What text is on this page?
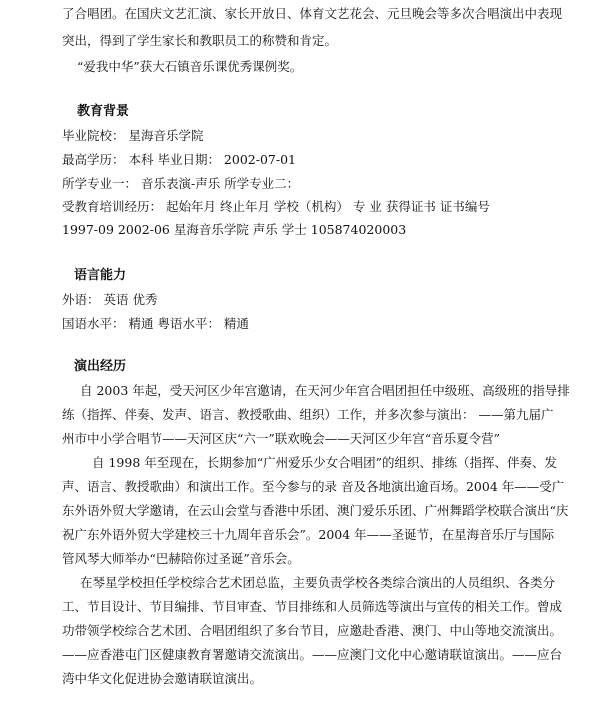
了合唱团。在国庆文艺汇演、家长开放日、体育文艺花会、元旦晚会等多次合唱演出中表现
突出，得到了学生家长和教职员工的称赞和肯定。
“爱我中华”获大石镇音乐课优秀课例奖。
教育背景
毕业院校： 星海音乐学院
最高学历： 本科 毕业日期： 2002-07-01
所学专业一： 音乐表演-声乐 所学专业二：
受教育培训经历： 起始年月 终止年月 学校（机构） 专 业 获得证书 证书编号
1997-09 2002-06 星海音乐学院 声乐 学士 105874020003
语言能力
外语： 英语 优秀
国语水平： 精通 粤语水平： 精通
演出经历
自 2003 年起，受天河区少年宫邀请，在天河少年宫合唱团担任中级班、高级班的指导排
练（指挥、伴奏、发声、语言、教授歌曲、组织）工作，并多次参与演出： ——第九届广
州市中小学合唱节——天河区庆“六一”联欢晚会——天河区少年宫“音乐夏令营”
自 1998 年至现在，长期参加“广州爱乐少女合唱团”的组织、排练（指挥、伴奏、发
声、语言、教授歌曲）和演出工作。至今参与的录 音及各地演出逾百场。2004 年——受广
东外语外贸大学邀请，在云山会堂与香港中乐团、澳门爱乐乐团、广州舞蹈学校联合演出“庆
祝广东外语外贸大学建校三十九周年音乐会”。2004 年——圣诞节，在星海音乐厅与国际
管风琴大师举办“巴赫陪你过圣诞”音乐会。
在琴星学校担任学校综合艺术团总监，主要负责学校各类综合演出的人员组织、各类分
工、节目设计、节目编排、节目审查、节目排练和人员筛选等演出与宣传的相关工作。曾成
功带领学校综合艺术团、合唱团组织了多台节目，应邀赴香港、澳门、中山等地交流演出。
——应香港屯门区健康教育署邀请交流演出。——应澳门文化中心邀请联谊演出。——应台
湾中华文化促进协会邀请联谊演出。
